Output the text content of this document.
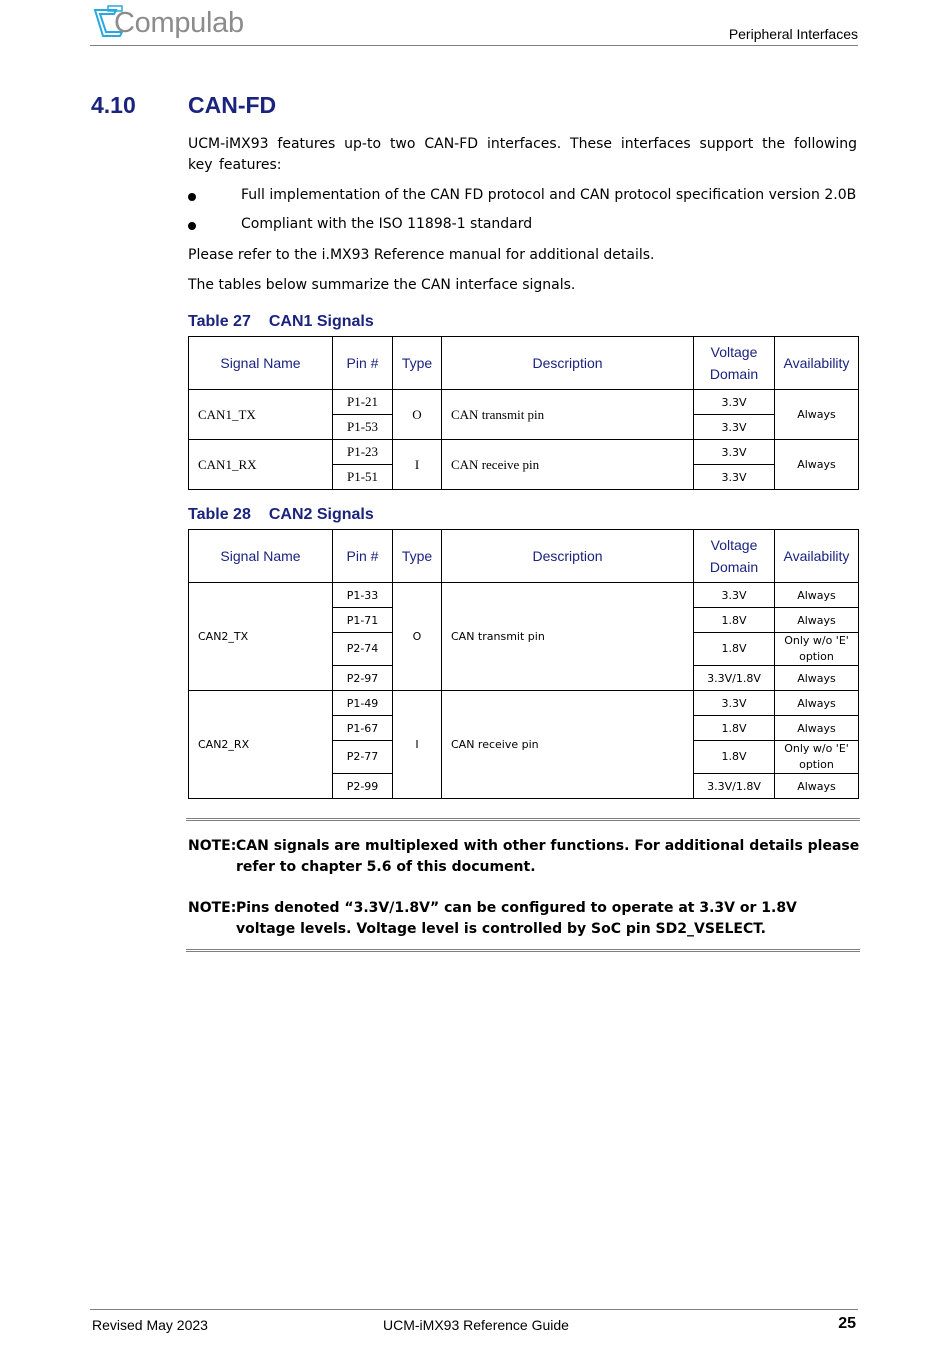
Compulab	Peripheral Interfaces
4.10 CAN-FD
UCM-iMX93 features up-to two CAN-FD interfaces. These interfaces support the following key features:
Full implementation of the CAN FD protocol and CAN protocol specification version 2.0B
Compliant with the ISO 11898-1 standard
Please refer to the i.MX93 Reference manual for additional details.
The tables below summarize the CAN interface signals.
Table 27 CAN1 Signals
Signal Name	Pin #	Type	Description	Voltage Domain	Availability
CAN1_TX	P1-21	O	CAN transmit pin	3.3V	Always
	P1-53			3.3V	
CAN1_RX	P1-23	I	CAN receive pin	3.3V	Always
	P1-51			3.3V	
Table 28 CAN2 Signals
Signal Name	Pin #	Type	Description	Voltage Domain	Availability
CAN2_TX	P1-33	O	CAN transmit pin	3.3V	Always
	P1-71			1.8V	Always
	P2-74			1.8V	Only w/o 'E' option
	P2-97			3.3V/1.8V	Always
CAN2_RX	P1-49	I	CAN receive pin	3.3V	Always
	P1-67			1.8V	Always
	P2-77			1.8V	Only w/o 'E' option
	P2-99			3.3V/1.8V	Always
NOTE: CAN signals are multiplexed with other functions. For additional details please refer to chapter 5.6 of this document.
NOTE: Pins denoted “3.3V/1.8V” can be configured to operate at 3.3V or 1.8V voltage levels. Voltage level is controlled by SoC pin SD2_VSELECT.
Revised May 2023	UCM-iMX93 Reference Guide	25
